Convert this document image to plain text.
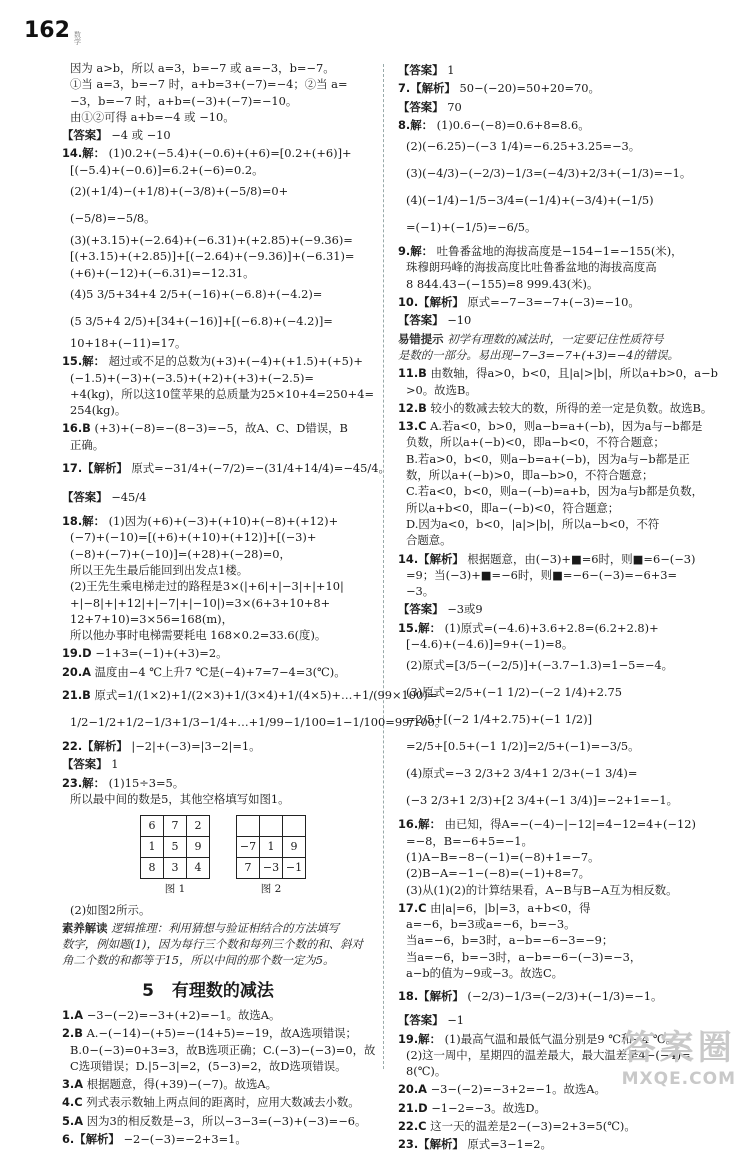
162 数学
因为 a>b，所以 a=3，b=−7 或 a=−3，b=−7。
①当 a=3，b=−7 时，a+b=3+(−7)=−4；②当 a=
−3，b=−7 时，a+b=(−3)+(−7)=−10。
由①②可得 a+b=−4 或 −10。
【答案】 −4 或 −10
14.解： (1)0.2+(−5.4)+(−0.6)+(+6)=[0.2+(+6)]+
[(−5.4)+(−0.6)]=6.2+(−6)=0.2。
(2)(+1/4)−(+1/8)+(−3/8)+(−5/8)=0+
(−5/8)=−5/8。
(3)(+3.15)+(−2.64)+(−6.31)+(+2.85)+(−9.36)=
[(+3.15)+(+2.85)]+[(−2.64)+(−9.36)]+(−6.31)=
(+6)+(−12)+(−6.31)=−12.31。
(4)5 3/5+34+4 2/5+(−16)+(−6.8)+(−4.2)=
(5 3/5+4 2/5)+[34+(−16)]+[(−6.8)+(−4.2)]=
10+18+(−11)=17。
15.解： 超过或不足的总数为(+3)+(−4)+(+1.5)+(+5)+
(−1.5)+(−3)+(−3.5)+(+2)+(+3)+(−2.5)=
+4(kg)，所以这10筐苹果的总质量为25×10+4=250+4=
254(kg)。
16.B (+3)+(−8)=−(8−3)=−5，故A、C、D错误，B
正确。
17.【解析】 原式=−31/4+(−7/2)=−(31/4+14/4)=−45/4。
【答案】 −45/4
18.解： (1)因为(+6)+(−3)+(+10)+(−8)+(+12)+
(−7)+(−10)=[(+6)+(+10)+(+12)]+[(−3)+
(−8)+(−7)+(−10)]=(+28)+(−28)=0，
所以王先生最后能回到出发点1楼。
(2)王先生乘电梯走过的路程是3×(|+6|+|−3|+|+10|
+|−8|+|+12|+|−7|+|−10|)=3×(6+3+10+8+
12+7+10)=3×56=168(m)，
所以他办事时电梯需要耗电 168×0.2=33.6(度)。
19.D −1+3=(−1)+(+3)=2。
20.A 温度由−4 ℃上升7 ℃是(−4)+7=7−4=3(℃)。
21.B 原式=1/(1×2)+1/(2×3)+1/(3×4)+1/(4×5)+…+1/(99×100)=
1/2−1/2+1/2−1/3+1/3−1/4+…+1/99−1/100=1−1/100=99/100。
22.【解析】 |−2|+(−3)=|3−2|=1。
【答案】 1
23.解： (1)15÷3=5。
所以最中间的数是5，其他空格填写如图1。
6	7	2
1	5	9
8	3	4
图 1

−7	1	9
7	−3	−1
图 2
(2)如图2所示。
素养解读 逻辑推理：利用猜想与验证相结合的方法填写
数字，例如题(1)，因为每行三个数和每列三个数的和、斜对
角二个数的和都等于15，所以中间的那个数一定为5。
5 有理数的减法
1.A −3−(−2)=−3+(+2)=−1。故选A。
2.B A.−(−14)−(+5)=−(14+5)=−19，故A选项错误；
B.0−(−3)=0+3=3，故B选项正确；C.(−3)−(−3)=0，故
C选项错误；D.|5−3|=2，(5−3)=2，故D选项错误。
3.A 根据题意，得(+39)−(−7)。故选A。
4.C 列式表示数轴上两点间的距离时，应用大数减去小数。
5.A 因为3的相反数是−3，所以−3−3=(−3)+(−3)=−6。
6.【解析】 −2−(−3)=−2+3=1。
【答案】 1
7.【解析】 50−(−20)=50+20=70。
【答案】 70
8.解： (1)0.6−(−8)=0.6+8=8.6。
(2)(−6.25)−(−3 1/4)=−6.25+3.25=−3。
(3)(−4/3)−(−2/3)−1/3=(−4/3)+2/3+(−1/3)=−1。
(4)(−1/4)−1/5−3/4=(−1/4)+(−3/4)+(−1/5)
=(−1)+(−1/5)=−6/5。
9.解： 吐鲁番盆地的海拔高度是−154−1=−155(米)，
珠穆朗玛峰的海拔高度比吐鲁番盆地的海拔高度高
8 844.43−(−155)=8 999.43(米)。
10.【解析】 原式=−7−3=−7+(−3)=−10。
【答案】 −10
易错提示 初学有理数的减法时，一定要记住性质符号
是数的一部分。易出现−7−3=−7+(+3)=−4的错误。
11.B 由数轴，得a>0，b<0，且|a|>|b|，所以a+b>0，a−b
>0。故选B。
12.B 较小的数减去较大的数，所得的差一定是负数。故选B。
13.C A.若a<0，b>0，则a−b=a+(−b)，因为a与−b都是
负数，所以a+(−b)<0，即a−b<0，不符合题意；
B.若a>0，b<0，则a−b=a+(−b)，因为a与−b都是正
数，所以a+(−b)>0，即a−b>0，不符合题意；
C.若a<0，b<0，则a−(−b)=a+b，因为a与b都是负数，
所以a+b<0，即a−(−b)<0，符合题意；
D.因为a<0，b<0，|a|>|b|，所以a−b<0，不符
合题意。
14.【解析】 根据题意，由(−3)+■=6时，则■=6−(−3)
=9；当(−3)+■=−6时，则■=−6−(−3)=−6+3=
−3。
【答案】 −3或9
15.解： (1)原式=(−4.6)+3.6+2.8=(6.2+2.8)+
[−4.6)+(−4.6)]=9+(−1)=8。
(2)原式=[3/5−(−2/5)]+(−3.7−1.3)=1−5=−4。
(3)原式=2/5+(−1 1/2)−(−2 1/4)+2.75
=2/5+[(−2 1/4+2.75)+(−1 1/2)]
=2/5+[0.5+(−1 1/2)]=2/5+(−1)=−3/5。
(4)原式=−3 2/3+2 3/4+1 2/3+(−1 3/4)=
(−3 2/3+1 2/3)+[2 3/4+(−1 3/4)]=−2+1=−1。
16.解： 由已知，得A=−(−4)−|−12|=4−12=4+(−12)
=−8，B=−6+5=−1。
(1)A−B=−8−(−1)=(−8)+1=−7。
(2)B−A=−1−(−8)=(−1)+8=7。
(3)从(1)(2)的计算结果看，A−B与B−A互为相反数。
17.C 由|a|=6，|b|=3，a+b<0，得
a=−6，b=3或a=−6，b=−3。
当a=−6，b=3时，a−b=−6−3=−9；
当a=−6，b=−3时，a−b=−6−(−3)=−3，
a−b的值为−9或−3。故选C。
18.【解析】 (−2/3)−1/3=(−2/3)+(−1/3)=−1。
【答案】 −1
19.解： (1)最高气温和最低气温分别是9 ℃和−4 ℃。
(2)这一周中，星期四的温差最大，最大温差是4−(−4)=
8(℃)。
20.A −3−(−2)=−3+2=−1。故选A。
21.D −1−2=−3。故选D。
22.C 这一天的温差是2−(−3)=2+3=5(℃)。
23.【解析】 原式=3−1=2。
答案圈
MXQE.COM
